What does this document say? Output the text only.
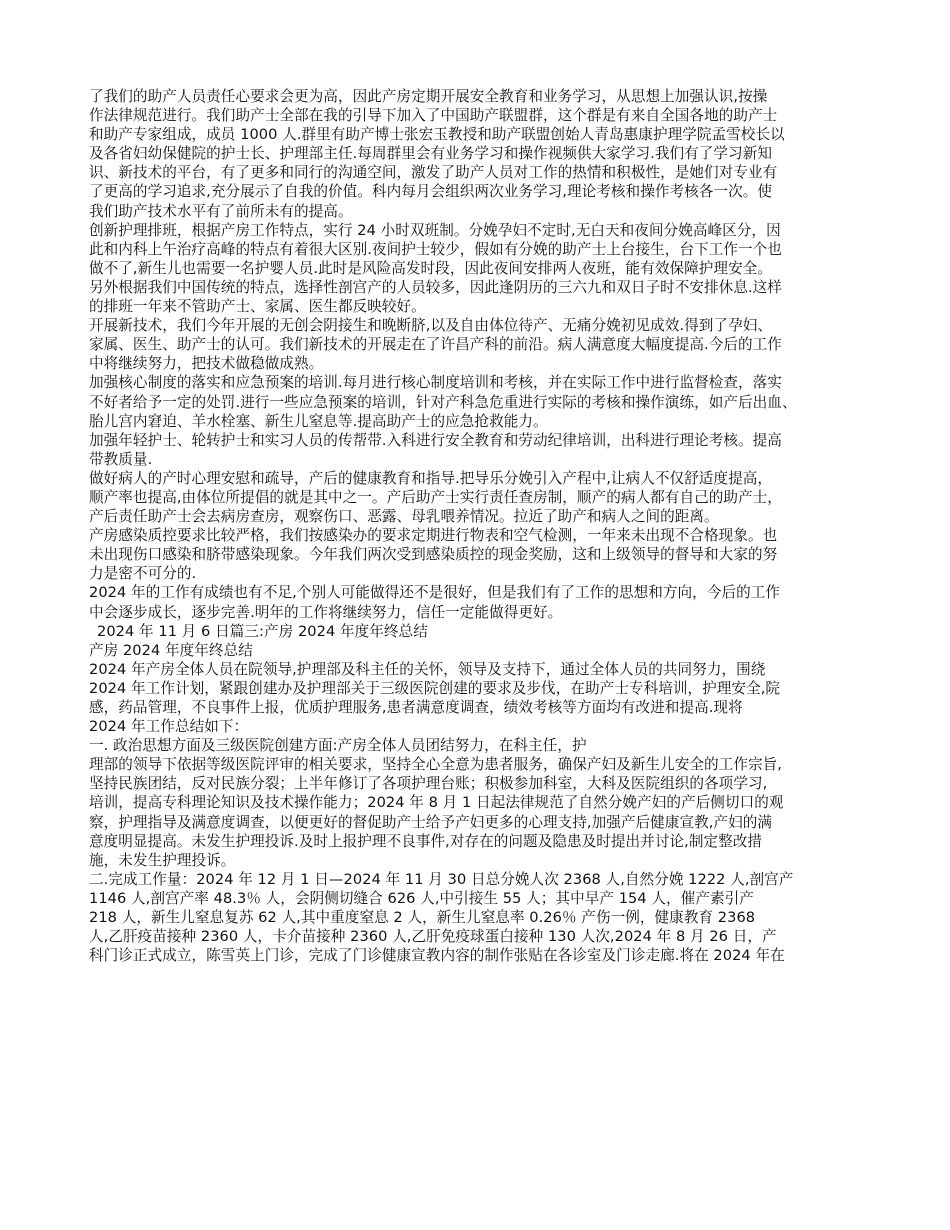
了我们的助产人员责任心要求会更为高，因此产房定期开展安全教育和业务学习，从思想上加强认识,按操

作法律规范进行。我们助产士全部在我的引导下加入了中国助产联盟群，这个群是有来自全国各地的助产士

和助产专家组成，成员 1000 人.群里有助产博士张宏玉教授和助产联盟创始人青岛惠康护理学院孟雪校长以

及各省妇幼保健院的护士长、护理部主任.每周群里会有业务学习和操作视频供大家学习.我们有了学习新知

识、新技术的平台，有了更多和同行的沟通空间，激发了助产人员对工作的热情和积极性，是她们对专业有

了更高的学习追求,充分展示了自我的价值。科内每月会组织两次业务学习,理论考核和操作考核各一次。使

我们助产技术水平有了前所未有的提高。

创新护理排班，根据产房工作特点，实行 24 小时双班制。分娩孕妇不定时,无白天和夜间分娩高峰区分，因

此和内科上午治疗高峰的特点有着很大区别.夜间护士较少，假如有分娩的助产士上台接生，台下工作一个也

做不了,新生儿也需要一名护婴人员.此时是风险高发时段，因此夜间安排两人夜班，能有效保障护理安全。

另外根据我们中国传统的特点，选择性剖宫产的人员较多，因此逢阴历的三六九和双日子时不安排休息.这样

的排班一年来不管助产士、家属、医生都反映较好。

开展新技术，我们今年开展的无创会阴接生和晚断脐,以及自由体位待产、无痛分娩初见成效.得到了孕妇、

家属、医生、助产士的认可。我们新技术的开展走在了许昌产科的前沿。病人满意度大幅度提高.今后的工作

中将继续努力，把技术做稳做成熟。

加强核心制度的落实和应急预案的培训.每月进行核心制度培训和考核，并在实际工作中进行监督检查，落实

不好者给予一定的处罚.进行一些应急预案的培训，针对产科急危重进行实际的考核和操作演练，如产后出血、

胎儿宫内窘迫、羊水栓塞、新生儿窒息等.提高助产士的应急抢救能力。

加强年轻护士、轮转护士和实习人员的传帮带.入科进行安全教育和劳动纪律培训，出科进行理论考核。提高

带教质量.

做好病人的产时心理安慰和疏导，产后的健康教育和指导.把导乐分娩引入产程中,让病人不仅舒适度提高，

顺产率也提高,由体位所提倡的就是其中之一。产后助产士实行责任查房制，顺产的病人都有自己的助产士，

产后责任助产士会去病房查房，观察伤口、恶露、母乳喂养情况。拉近了助产和病人之间的距离。

产房感染质控要求比较严格，我们按感染办的要求定期进行物表和空气检测，一年来未出现不合格现象。也

未出现伤口感染和脐带感染现象。今年我们两次受到感染质控的现金奖励，这和上级领导的督导和大家的努

力是密不可分的.

2024 年的工作有成绩也有不足,个别人可能做得还不是很好，但是我们有了工作的思想和方向，今后的工作

中会逐步成长，逐步完善.明年的工作将继续努力，信任一定能做得更好。

2024 年 11 月 6 日篇三:产房 2024 年度年终总结

产房 2024 年度年终总结

2024 年产房全体人员在院领导,护理部及科主任的关怀，领导及支持下，通过全体人员的共同努力，围绕

2024 年工作计划，紧跟创建办及护理部关于三级医院创建的要求及步伐，在助产士专科培训，护理安全,院

感，药品管理，不良事件上报，优质护理服务,患者满意度调查，绩效考核等方面均有改进和提高.现将

2024 年工作总结如下：

一. 政治思想方面及三级医院创建方面:产房全体人员团结努力，在科主任，护

理部的领导下依据等级医院评审的相关要求，坚持全心全意为患者服务，确保产妇及新生儿安全的工作宗旨,

坚持民族团结，反对民族分裂；上半年修订了各项护理台账；积极参加科室，大科及医院组织的各项学习,

培训，提高专科理论知识及技术操作能力；2024 年 8 月 1 日起法律规范了自然分娩产妇的产后侧切口的观

察，护理指导及满意度调查，以便更好的督促助产士给予产妇更多的心理支持,加强产后健康宣教,产妇的满

意度明显提高。未发生护理投诉.及时上报护理不良事件,对存在的问题及隐患及时提出并讨论,制定整改措

施，未发生护理投诉。

二.完成工作量：2024 年 12 月 1 日—2024 年 11 月 30 日总分娩人次 2368 人,自然分娩 1222 人,剖宫产

1146 人,剖宫产率 48.3％ 人，会阴侧切缝合 626 人,中引接生 55 人；其中早产 154 人，催产素引产

218 人，新生儿窒息复苏 62 人,其中重度窒息 2 人，新生儿窒息率 0.26％ 产伤一例，健康教育 2368

人,乙肝疫苗接种 2360 人，卡介苗接种 2360 人,乙肝免疫球蛋白接种 130 人次,2024 年 8 月 26 日，产

科门诊正式成立，陈雪英上门诊，完成了门诊健康宣教内容的制作张贴在各诊室及门诊走廊.将在 2024 年在
